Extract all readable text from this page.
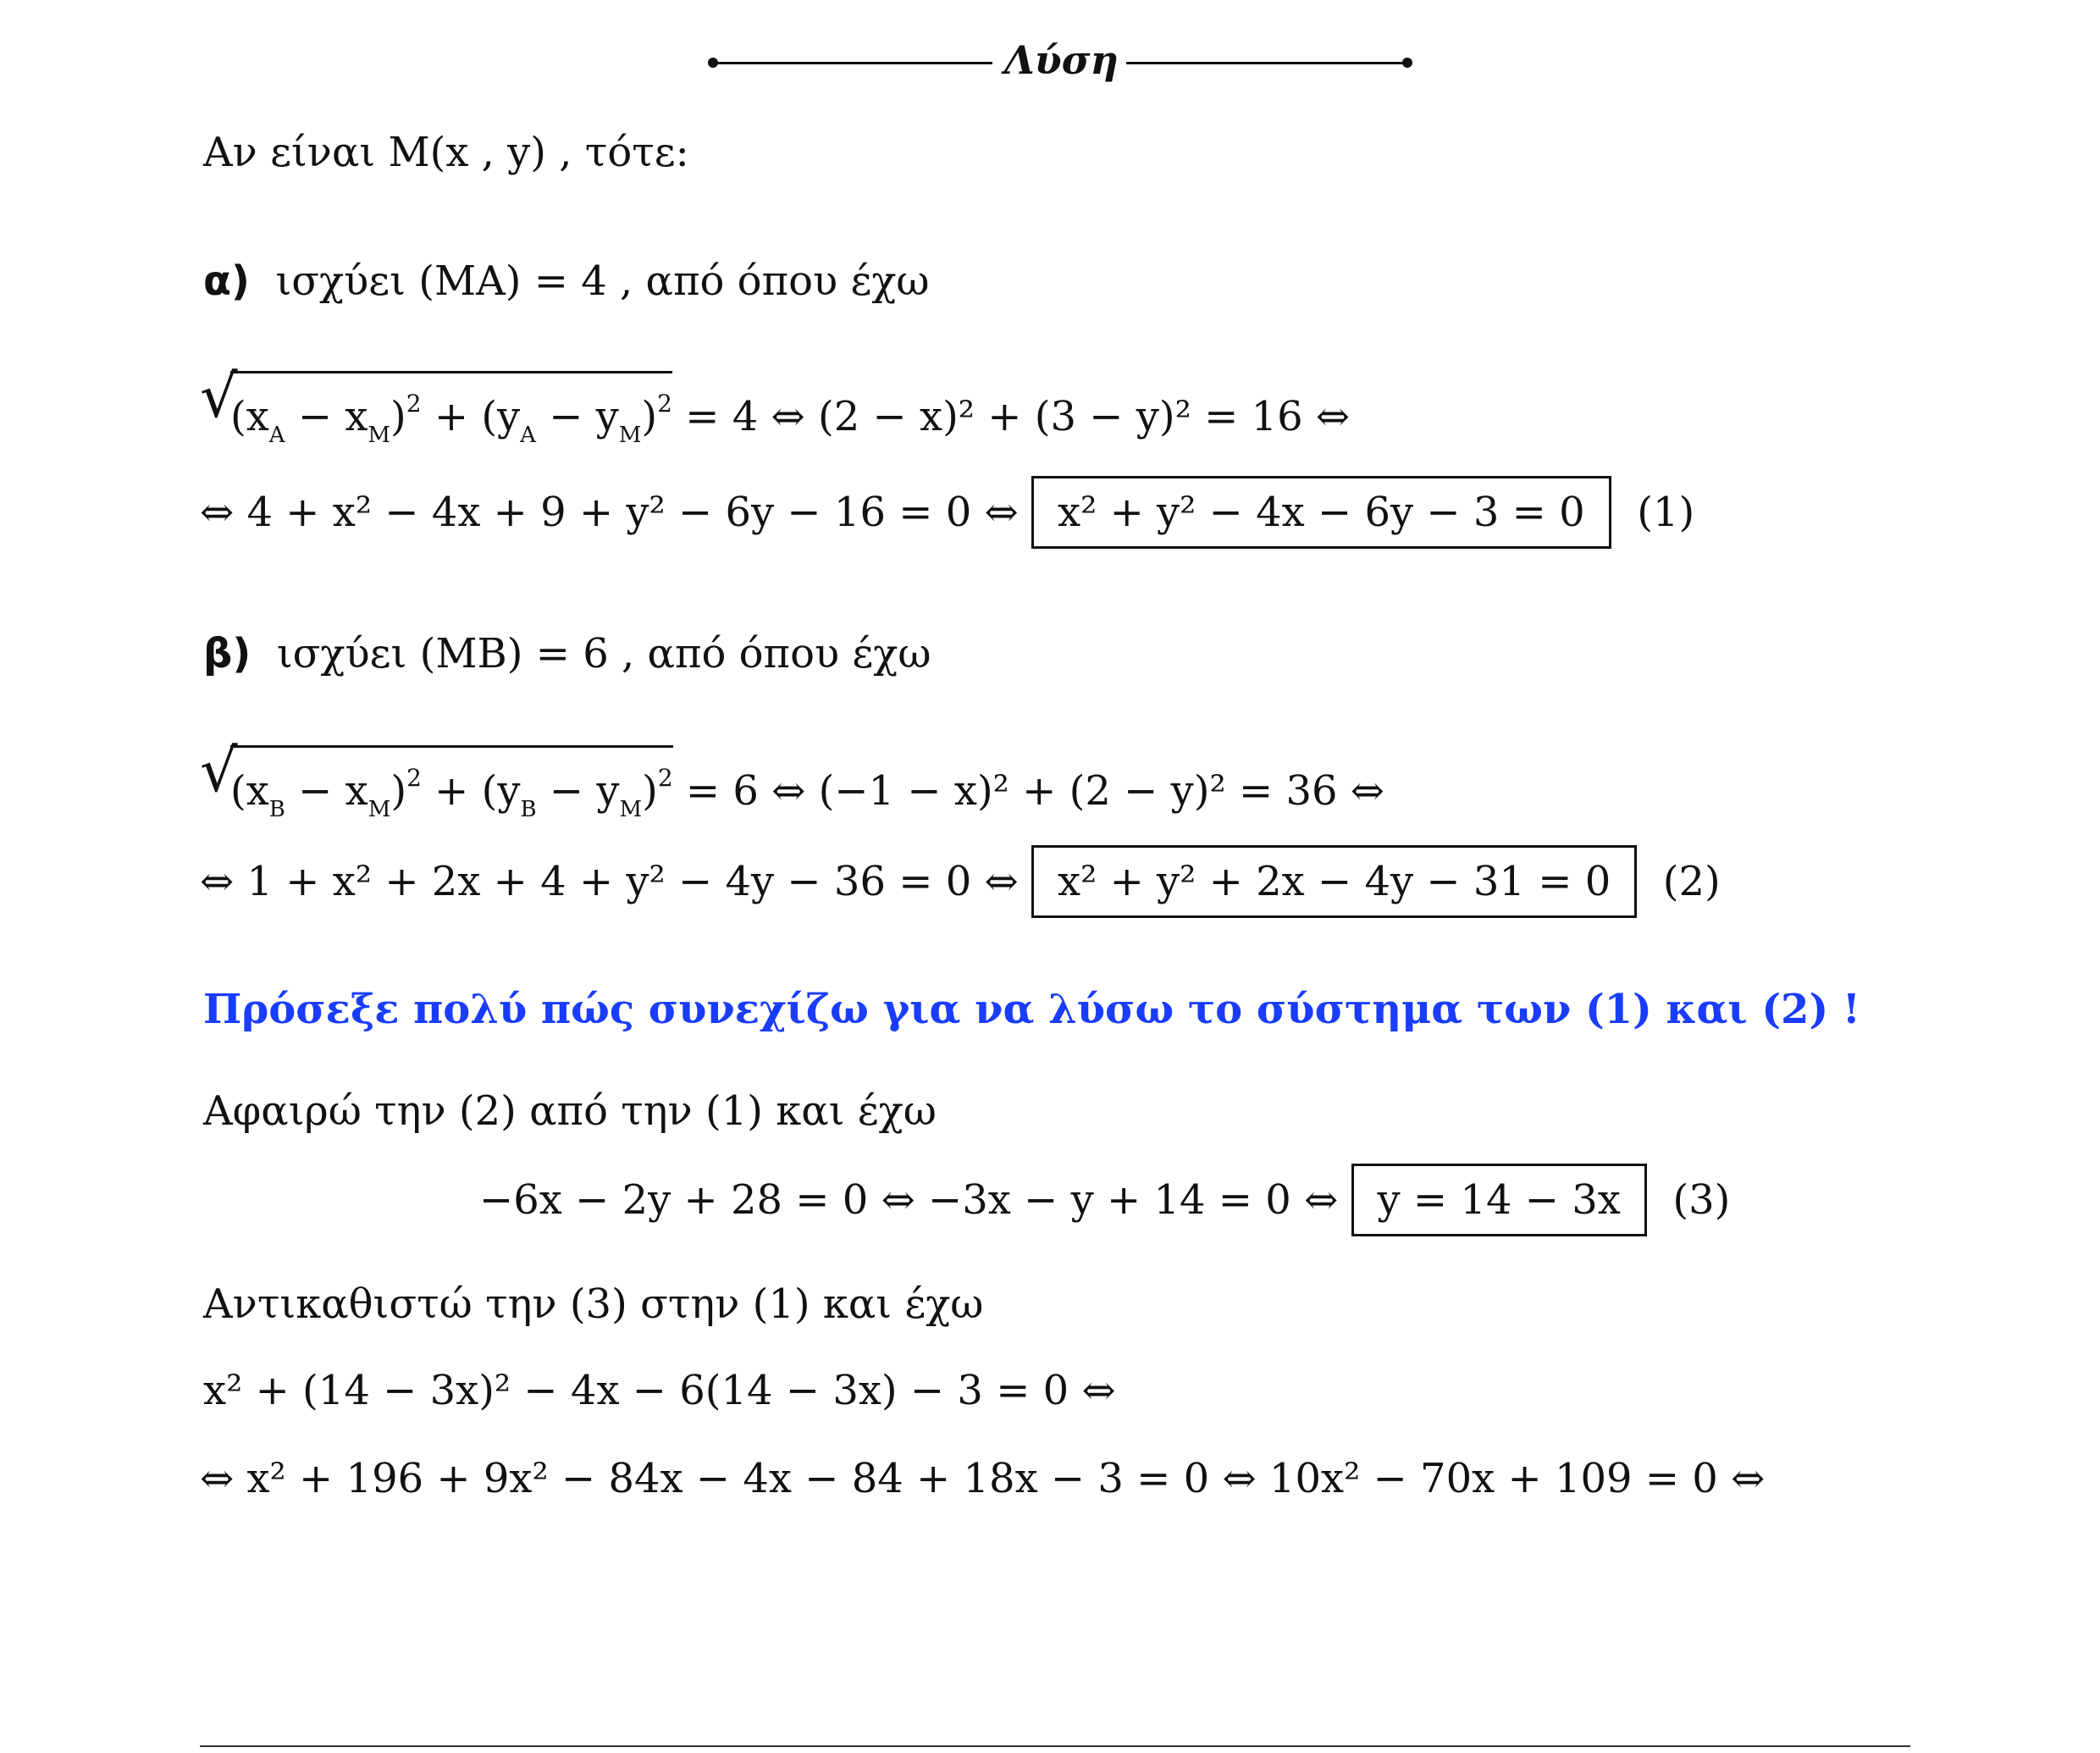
Λύση
Αν είναι M(x , y) , τότε:
α) ισχύει (MA) = 4 , από όπου έχω
√
$(x_A - x_M)^2 + (y_A - y_M)^2 = 4$ ⇔ (2 − x)² + (3 − y)² = 16 ⇔
⇔ 4 + x² − 4x + 9 + y² − 6y − 16 = 0 ⇔ x² + y² − 4x − 6y − 3 = 0 (1)
β) ισχύει (MB) = 6 , από όπου έχω
√
$(x_B - x_M)^2 + (y_B - y_M)^2 = 6$ ⇔ (−1 − x)² + (2 − y)² = 36 ⇔
⇔ 1 + x² + 2x + 4 + y² − 4y − 36 = 0 ⇔ x² + y² + 2x − 4y − 31 = 0 (2)
Πρόσεξε πολύ πώς συνεχίζω για να λύσω το σύστημα των (1) και (2) !
Αφαιρώ την (2) από την (1) και έχω
−6x − 2y + 28 = 0 ⇔ −3x − y + 14 = 0 ⇔ y = 14 − 3x (3)
Αντικαθιστώ την (3) στην (1) και έχω
x² + (14 − 3x)² − 4x − 6(14 − 3x) − 3 = 0 ⇔
⇔ x² + 196 + 9x² − 84x − 4x − 84 + 18x − 3 = 0 ⇔ 10x² − 70x + 109 = 0 ⇔
